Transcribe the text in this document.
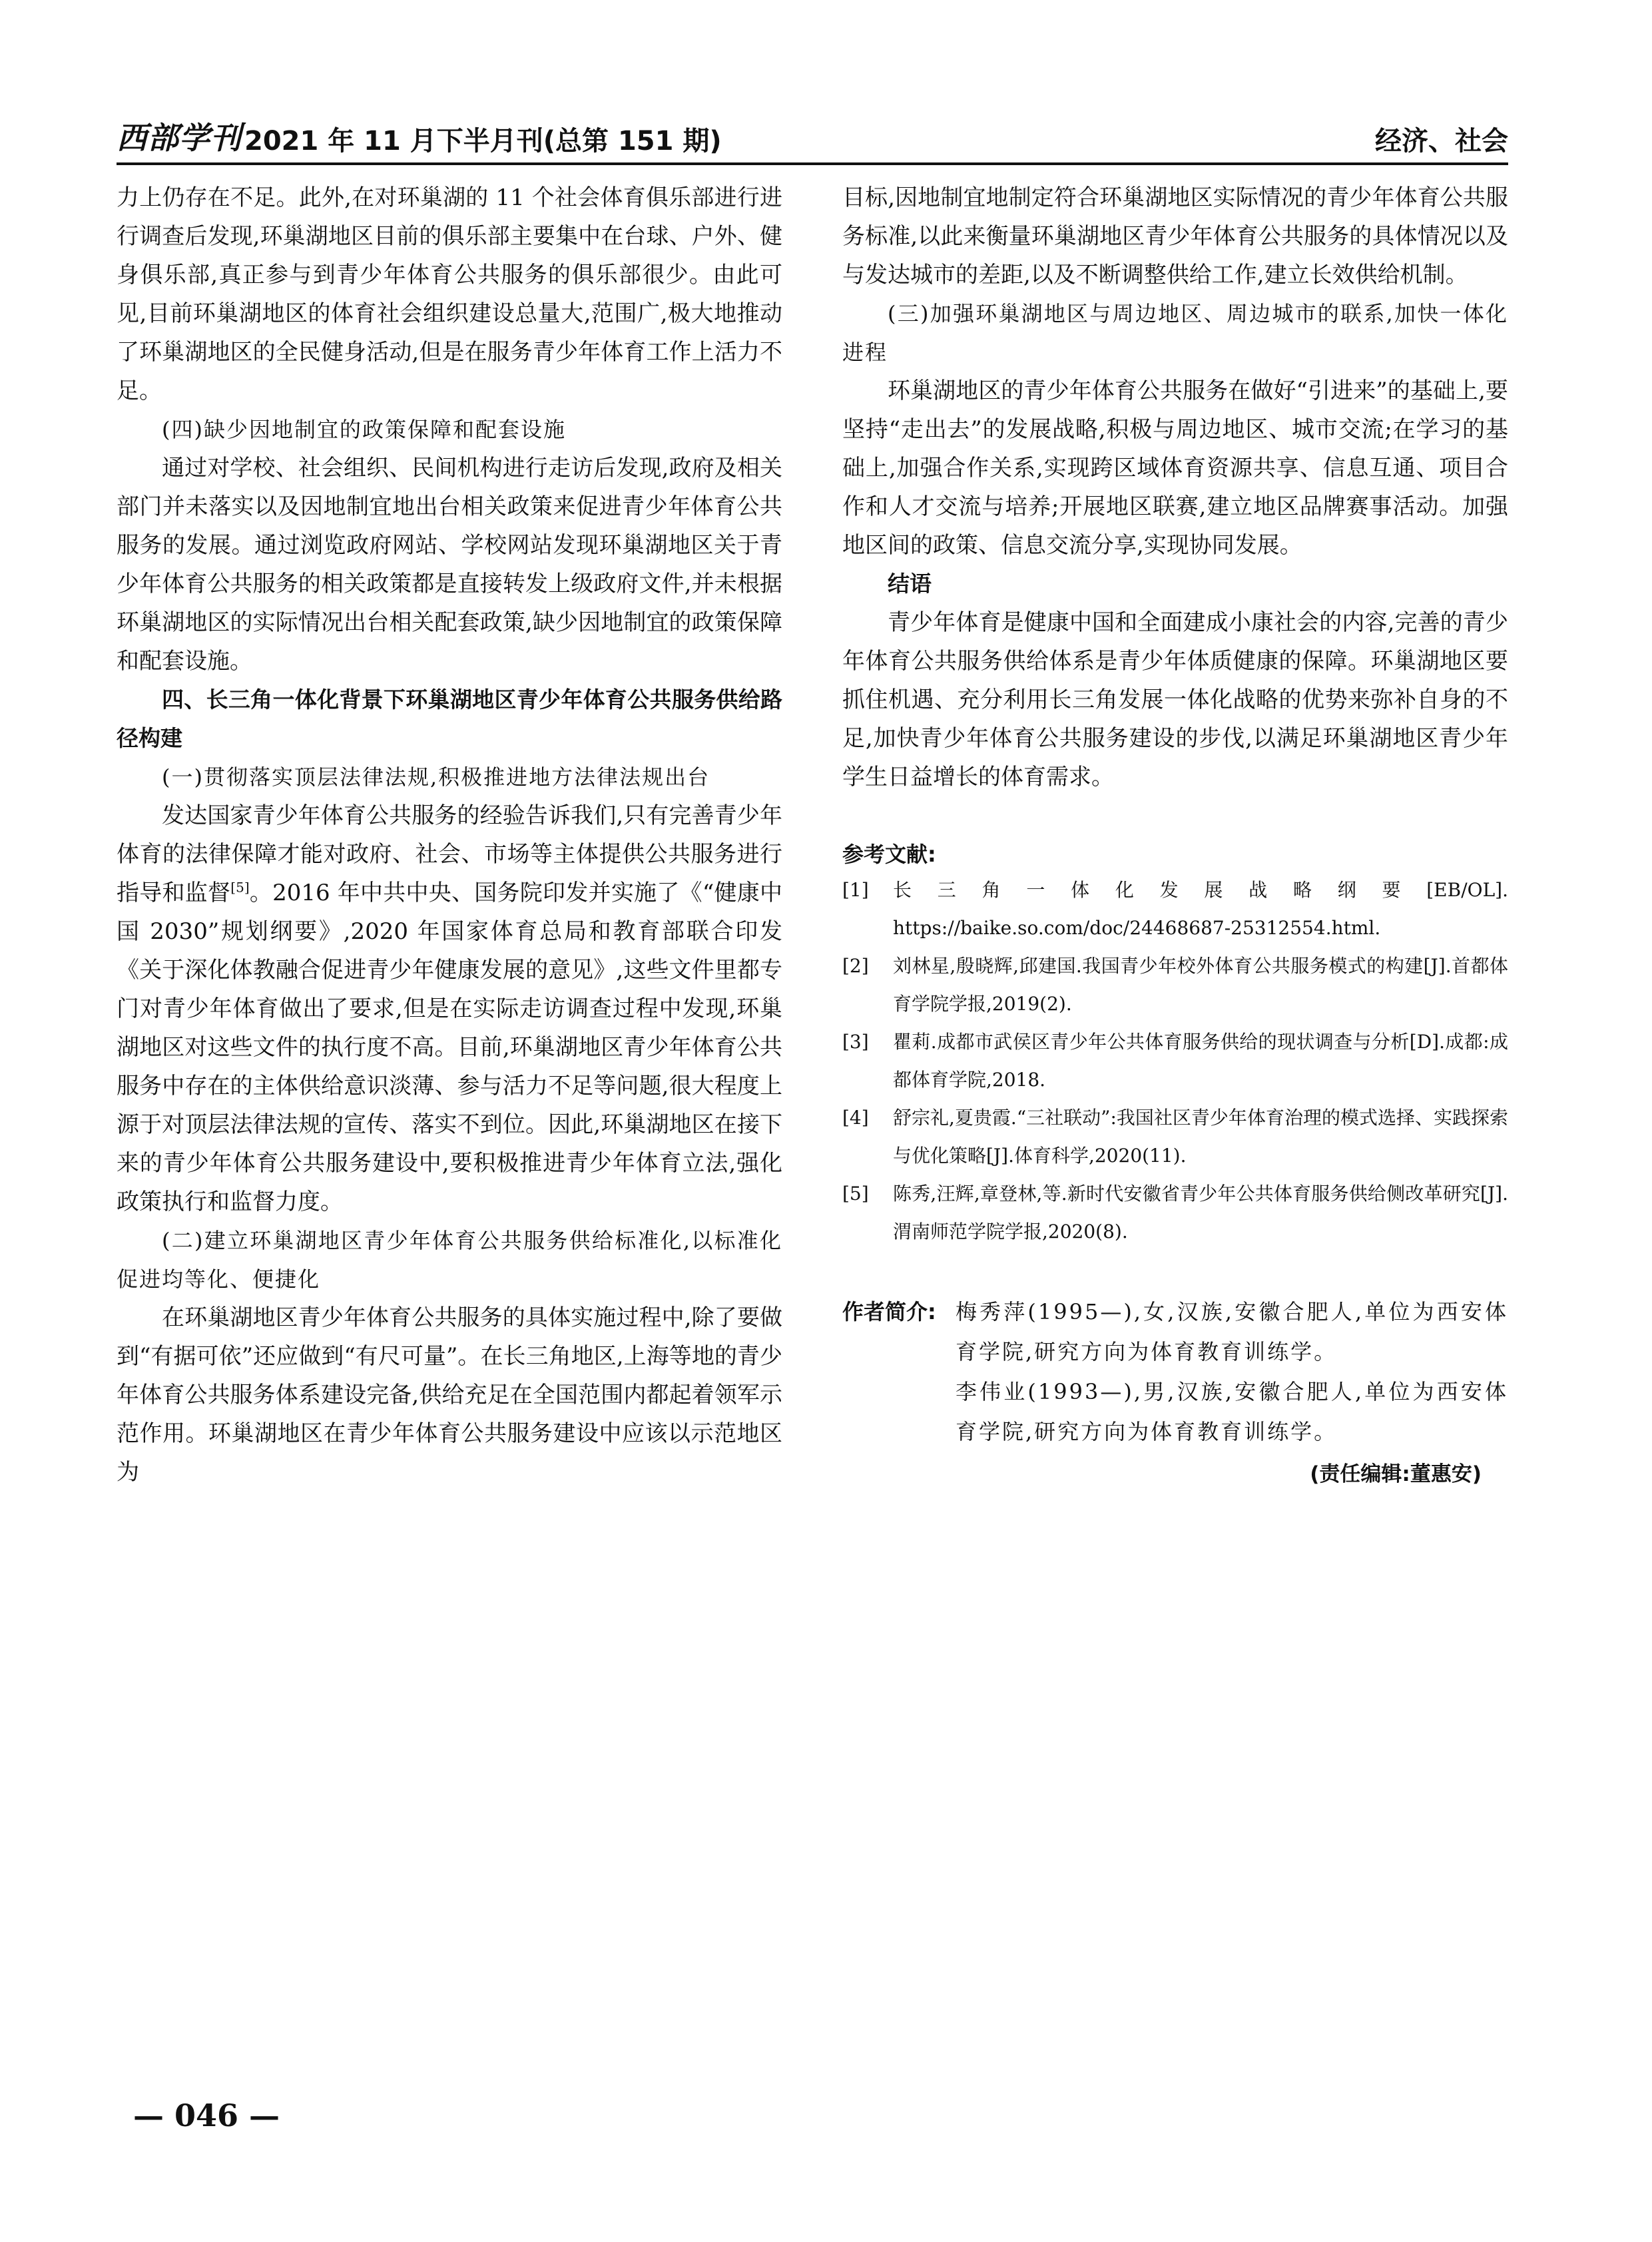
西部学刊 2021 年 11 月下半月刊(总第 151 期)	经济、社会

力上仍存在不足。此外,在对环巢湖的 11 个社会体育俱乐部进行进行调查后发现,环巢湖地区目前的俱乐部主要集中在台球、户外、健身俱乐部,真正参与到青少年体育公共服务的俱乐部很少。由此可见,目前环巢湖地区的体育社会组织建设总量大,范围广,极大地推动了环巢湖地区的全民健身活动,但是在服务青少年体育工作上活力不足。

(四)缺少因地制宜的政策保障和配套设施

通过对学校、社会组织、民间机构进行走访后发现,政府及相关部门并未落实以及因地制宜地出台相关政策来促进青少年体育公共服务的发展。通过浏览政府网站、学校网站发现环巢湖地区关于青少年体育公共服务的相关政策都是直接转发上级政府文件,并未根据环巢湖地区的实际情况出台相关配套政策,缺少因地制宜的政策保障和配套设施。

四、长三角一体化背景下环巢湖地区青少年体育公共服务供给路径构建

(一)贯彻落实顶层法律法规,积极推进地方法律法规出台

发达国家青少年体育公共服务的经验告诉我们,只有完善青少年体育的法律保障才能对政府、社会、市场等主体提供公共服务进行指导和监督[5]。2016 年中共中央、国务院印发并实施了《“健康中国 2030”规划纲要》,2020 年国家体育总局和教育部联合印发《关于深化体教融合促进青少年健康发展的意见》,这些文件里都专门对青少年体育做出了要求,但是在实际走访调查过程中发现,环巢湖地区对这些文件的执行度不高。目前,环巢湖地区青少年体育公共服务中存在的主体供给意识淡薄、参与活力不足等问题,很大程度上源于对顶层法律法规的宣传、落实不到位。因此,环巢湖地区在接下来的青少年体育公共服务建设中,要积极推进青少年体育立法,强化政策执行和监督力度。

(二)建立环巢湖地区青少年体育公共服务供给标准化,以标准化促进均等化、便捷化

在环巢湖地区青少年体育公共服务的具体实施过程中,除了要做到“有据可依”还应做到“有尺可量”。在长三角地区,上海等地的青少年体育公共服务体系建设完备,供给充足在全国范围内都起着领军示范作用。环巢湖地区在青少年体育公共服务建设中应该以示范地区为

目标,因地制宜地制定符合环巢湖地区实际情况的青少年体育公共服务标准,以此来衡量环巢湖地区青少年体育公共服务的具体情况以及与发达城市的差距,以及不断调整供给工作,建立长效供给机制。

(三)加强环巢湖地区与周边地区、周边城市的联系,加快一体化进程

环巢湖地区的青少年体育公共服务在做好“引进来”的基础上,要坚持“走出去”的发展战略,积极与周边地区、城市交流;在学习的基础上,加强合作关系,实现跨区域体育资源共享、信息互通、项目合作和人才交流与培养;开展地区联赛,建立地区品牌赛事活动。加强地区间的政策、信息交流分享,实现协同发展。

结语

青少年体育是健康中国和全面建成小康社会的内容,完善的青少年体育公共服务供给体系是青少年体质健康的保障。环巢湖地区要抓住机遇、充分利用长三角发展一体化战略的优势来弥补自身的不足,加快青少年体育公共服务建设的步伐,以满足环巢湖地区青少年学生日益增长的体育需求。

参考文献:
[1]	长三角一体化发展战略纲要[EB/OL]. https://baike.so.com/doc/24468687-25312554.html.
[2]	刘林星,殷晓辉,邱建国.我国青少年校外体育公共服务模式的构建[J].首都体育学院学报,2019(2).
[3]	瞿莉.成都市武侯区青少年公共体育服务供给的现状调查与分析[D].成都:成都体育学院,2018.
[4]	舒宗礼,夏贵霞.“三社联动”:我国社区青少年体育治理的模式选择、实践探索与优化策略[J].体育科学,2020(11).
[5]	陈秀,汪辉,章登林,等.新时代安徽省青少年公共体育服务供给侧改革研究[J].渭南师范学院学报,2020(8).
作者简介: 梅秀萍(1995—),女,汉族,安徽合肥人,单位为西安体育学院,研究方向为体育教育训练学。

李伟业(1993—),男,汉族,安徽合肥人,单位为西安体育学院,研究方向为体育教育训练学。

(责任编辑:董惠安)
— 046 —
